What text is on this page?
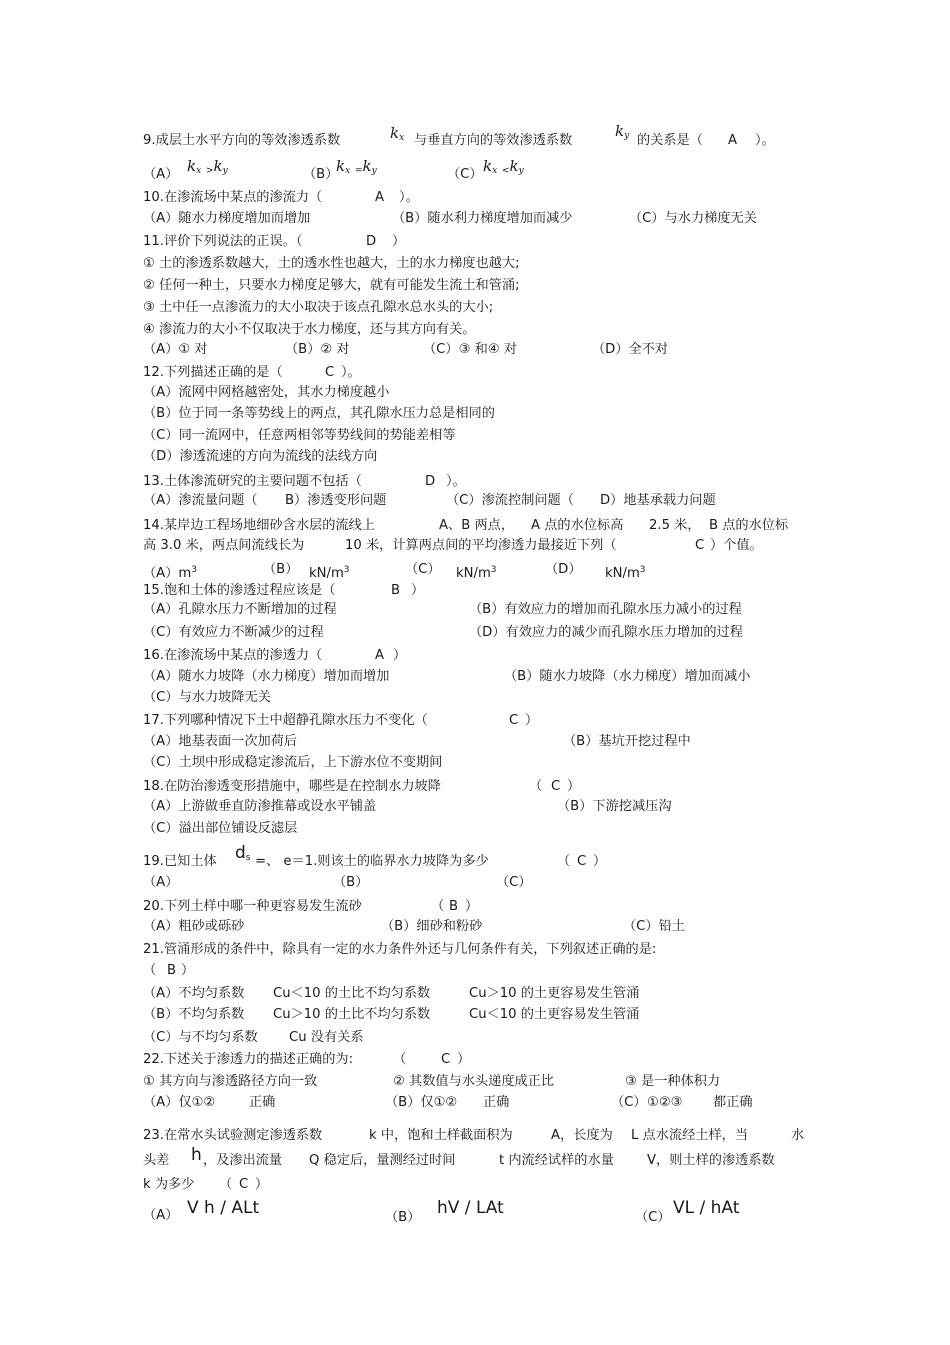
9.成层土水平方向的等效渗透系数	$k_x$ 与垂直方向的等效渗透系数
$k_y$ 的关系是（ A ）。
（A） $k_x$ $_>k_y$	（B）
$k_x$ $_=k_y$	（C） $k_x$ $_<k_y$
10.在渗流场中某点的渗流力（	A ）。
（A）随水力梯度增加而增加	（B）随水利力梯度增加而减少	（C）与水力梯度无关
11.评价下列说法的正误。（	D ）
① 土的渗透系数越大，土的透水性也越大，土的水力梯度也越大;
② 任何一种土，只要水力梯度足够大，就有可能发生流土和管涌;
③ 土中任一点渗流力的大小取决于该点孔隙水总水头的大小;
④ 渗流力的大小不仅取决于水力梯度，还与其方向有关。
（A）① 对	（B）② 对	（C）③ 和④ 对	（D）全不对
12.下列描述正确的是（	C ）。
（A）流网中网格越密处，其水力梯度越小
（B）位于同一条等势线上的两点，其孔隙水压力总是相同的
（C）同一流网中，任意两相邻等势线间的势能差相等
（D）渗透流速的方向为流线的法线方向
13.土体渗流研究的主要问题不包括（	D ）。
（A）渗流量问题（ B）渗透变形问题	（C）渗流控制问题（ D）地基承载力问题
14.某岸边工程场地细砂含水层的流线上	A、B 两点， A 点的水位标高 2.5 米， B 点的水位标
高 3.0 米，两点间流线长为	10 米，计算两点间的平均渗透力最接近下列（	C ）个值。
$(A)m^3$	（B） $kN/m^3$	（C） $kN/m^3$	（D） $kN/m^3$
15.饱和土体的渗透过程应该是（	B ）
（A）孔隙水压力不断增加的过程	（B）有效应力的增加而孔隙水压力减小的过程
（C）有效应力不断减少的过程	（D）有效应力的减少而孔隙水压力增加的过程
16.在渗流场中某点的渗透力（	A ）
（A）随水力坡降（水力梯度）增加而增加	（B）随水力坡降（水力梯度）增加而减小
（C）与水力坡降无关
17.下列哪种情况下土中超静孔隙水压力不变化（	C ）
（A）地基表面一次加荷后	（B）基坑开挖过程中
（C）土坝中形成稳定渗流后，上下游水位不变期间
18.在防治渗透变形措施中，哪些是在控制水力坡降	（ C ）
（A）上游做垂直防渗推幕或设水平铺盖	（B）下游挖减压沟
（C）溢出部位铺设反滤层
19.已知土体 $d_s$ =、 e＝1.则该土的临界水力坡降为多少	（ C ）
（A）	（B）	（C）
20.下列土样中哪一种更容易发生流砂	（ B ）
（A）粗砂或砾砂	（B）细砂和粉砂	（C）铅土
21.管涌形成的条件中，除具有一定的水力条件外还与几何条件有关，下列叙述正确的是:
（ B ）
（A）不均匀系数 Cu＜10 的土比不均匀系数	Cu＞10 的土更容易发生管涌
（B）不均匀系数 Cu＞10 的土比不均匀系数	Cu＜10 的土更容易发生管涌
（C）与不均匀系数 Cu 没有关系
22.下述关于渗透力的描述正确的为:	（	C ）
① 其方向与渗透路径方向一致	② 其数值与水头递度成正比	③ 是一种体积力
（A）仅①②	正确	（B）仅①② 正确	（C） ①②③ 都正确
23.在常水头试验测定渗透系数	k 中，饱和土样截面积为	A，长度为 L 点水流经土样，当	水
头差 h ，及渗出流量 Q 稳定后，量测经过时间	t 内流经试样的水量	V，则土样的渗透系数
k 为多少 （ C ）
（A） V h / ALt	（B） hV / LAt	（C） VL / hAt
